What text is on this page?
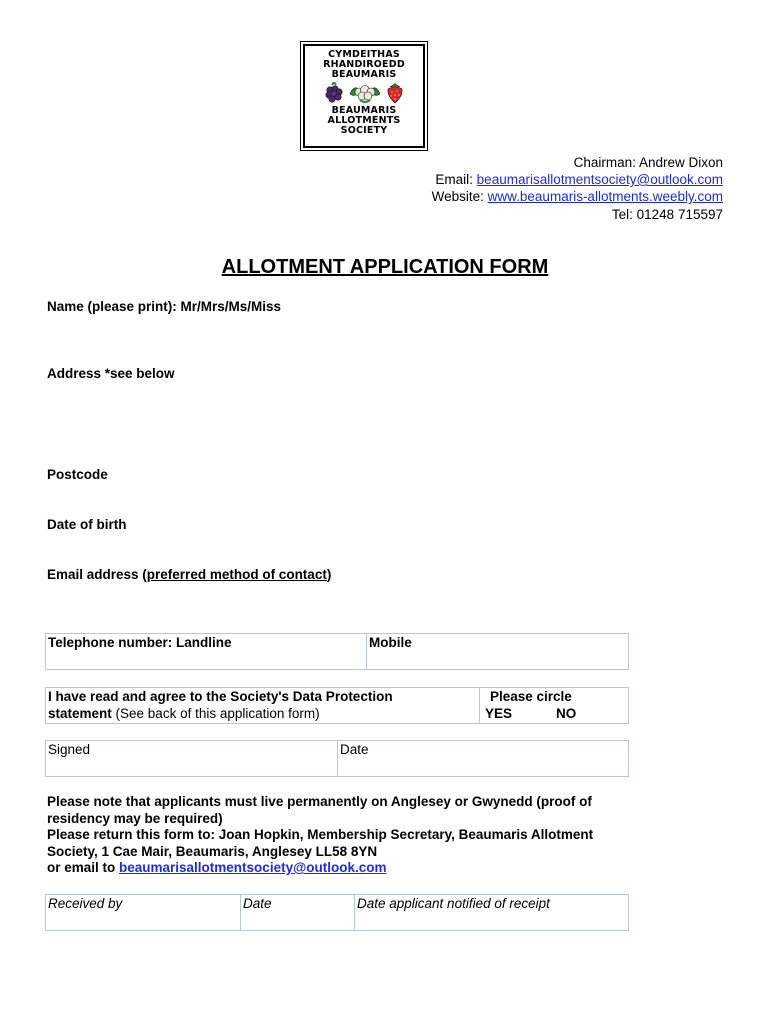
CYMDEITHAS
RHANDIROEDD
BEAUMARIS
BEAUMARIS
ALLOTMENTS
SOCIETY
Chairman: Andrew Dixon
Email: beaumarisallotmentsociety@outlook.com
Website: www.beaumaris-allotments.weebly.com
Tel: 01248 715597
ALLOTMENT APPLICATION FORM
Name (please print): Mr/Mrs/Ms/Miss
Address *see below
Postcode
Date of birth
Email address (preferred method of contact)
Telephone number: Landline	Mobile
I have read and agree to the Society's Data Protection
statement (See back of this application form)
Please circle
YES	NO
Signed	Date
Please note that applicants must live permanently on Anglesey or Gwynedd (proof of
residency may be required)
Please return this form to: Joan Hopkin, Membership Secretary, Beaumaris Allotment
Society, 1 Cae Mair, Beaumaris, Anglesey LL58 8YN
or email to beaumarisallotmentsociety@outlook.com
Received by	Date	Date applicant notified of receipt
